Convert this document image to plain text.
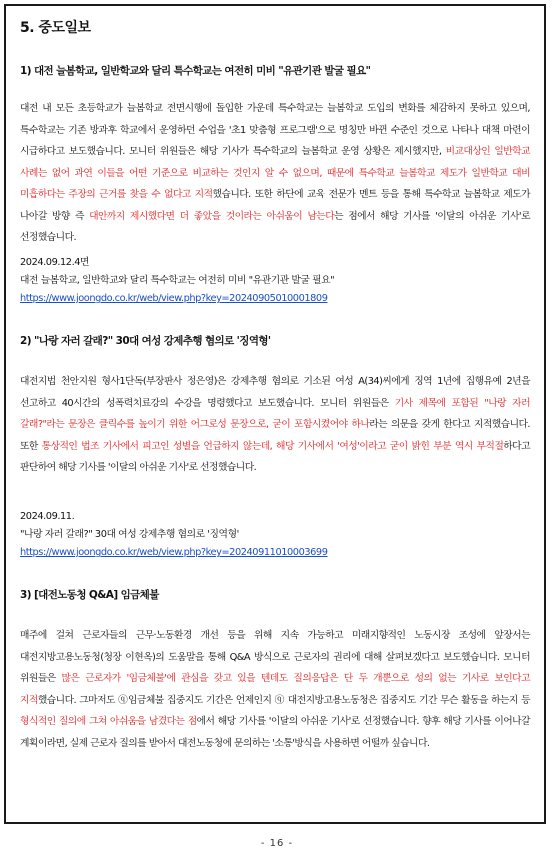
5. 중도일보
1) 대전 늘봄학교, 일반학교와 달리 특수학교는 여전히 미비 "유관기관 발굴 필요"
대전 내 모든 초등학교가 늘봄학교 전면시행에 돌입한 가운데 특수학교는 늘봄학교 도입의 변화를 체감하지 못하고 있으며, 특수학교는 기존 방과후 학교에서 운영하던 수업을 '초1 맞춤형 프로그램'으로 명칭만 바뀐 수준인 것으로 나타나 대책 마련이 시급하다고 보도했습니다. 모니터 위원들은 해당 기사가 특수학교의 늘봄학교 운영 상황은 제시했지만, 비교대상인 일반학교 사례는 없어 과연 이들을 어떤 기준으로 비교하는 것인지 알 수 없으며, 때문에 특수학교 늘봄학교 제도가 일반학교 대비 미흡하다는 주장의 근거를 찾을 수 없다고 지적했습니다. 또한 하단에 교육 전문가 멘트 등을 통해 특수학교 늘봄학교 제도가 나아갈 방향 즉 대안까지 제시했다면 더 좋았을 것이라는 아쉬움이 남는다는 점에서 해당 기사를 '이달의 아쉬운 기사'로 선정했습니다.
2024.09.12.4면
대전 늘봄학교, 일반학교와 달리 특수학교는 여전히 미비 "유관기관 발굴 필요"
https://www.joongdo.co.kr/web/view.php?key=20240905010001809
2) "나랑 자러 갈래?" 30대 여성 강제추행 혐의로 '징역형'
대전지법 천안지원 형사1단독(부장판사 정은영)은 강제추행 혐의로 기소된 여성 A(34)씨에게 징역 1년에 집행유예 2년을 선고하고 40시간의 성폭력치료강의 수강을 명령했다고 보도했습니다. 모니터 위원들은 기사 제목에 포함된 "나랑 자러 갈래?"라는 문장은 클릭수를 높이기 위한 어그로성 문장으로, 굳이 포함시켰어야 하나라는 의문을 갖게 한다고 지적했습니다. 또한 통상적인 법조 기사에서 피고인 성별을 언급하지 않는데, 해당 기사에서 '여성'이라고 굳이 밝힌 부분 역시 부적절하다고 판단하여 해당 기사를 '이달의 아쉬운 기사'로 선정했습니다.
2024.09.11.
"나랑 자러 갈래?" 30대 여성 강제추행 혐의로 '징역형'
https://www.joongdo.co.kr/web/view.php?key=20240911010003699
3) [대전노동청 Q&A] 임금체불
매주에 걸쳐 근로자들의 근무·노동환경 개선 등을 위해 지속 가능하고 미래지향적인 노동시장 조성에 앞장서는 대전지방고용노동청(청장 이현옥)의 도움말을 통해 Q&A 방식으로 근로자의 권리에 대해 살펴보겠다고 보도했습니다. 모니터 위원들은 많은 근로자가 '임금체불'에 관심을 갖고 있을 텐데도 질의응답은 단 두 개뿐으로 성의 없는 기사로 보인다고 지적했습니다. 그마저도 ⓠ임금체불 집중지도 기간은 언제인지 ⓠ 대전지방고용노동청은 집중지도 기간 무슨 활동을 하는지 등 형식적인 질의에 그쳐 아쉬움을 남겼다는 점에서 해당 기사를 '이달의 아쉬운 기사'로 선정했습니다. 향후 해당 기사를 이어나갈 계획이라면, 실제 근로자 질의를 받아서 대전노동청에 문의하는 '소통'방식을 사용하면 어떨까 싶습니다.
- 16 -
